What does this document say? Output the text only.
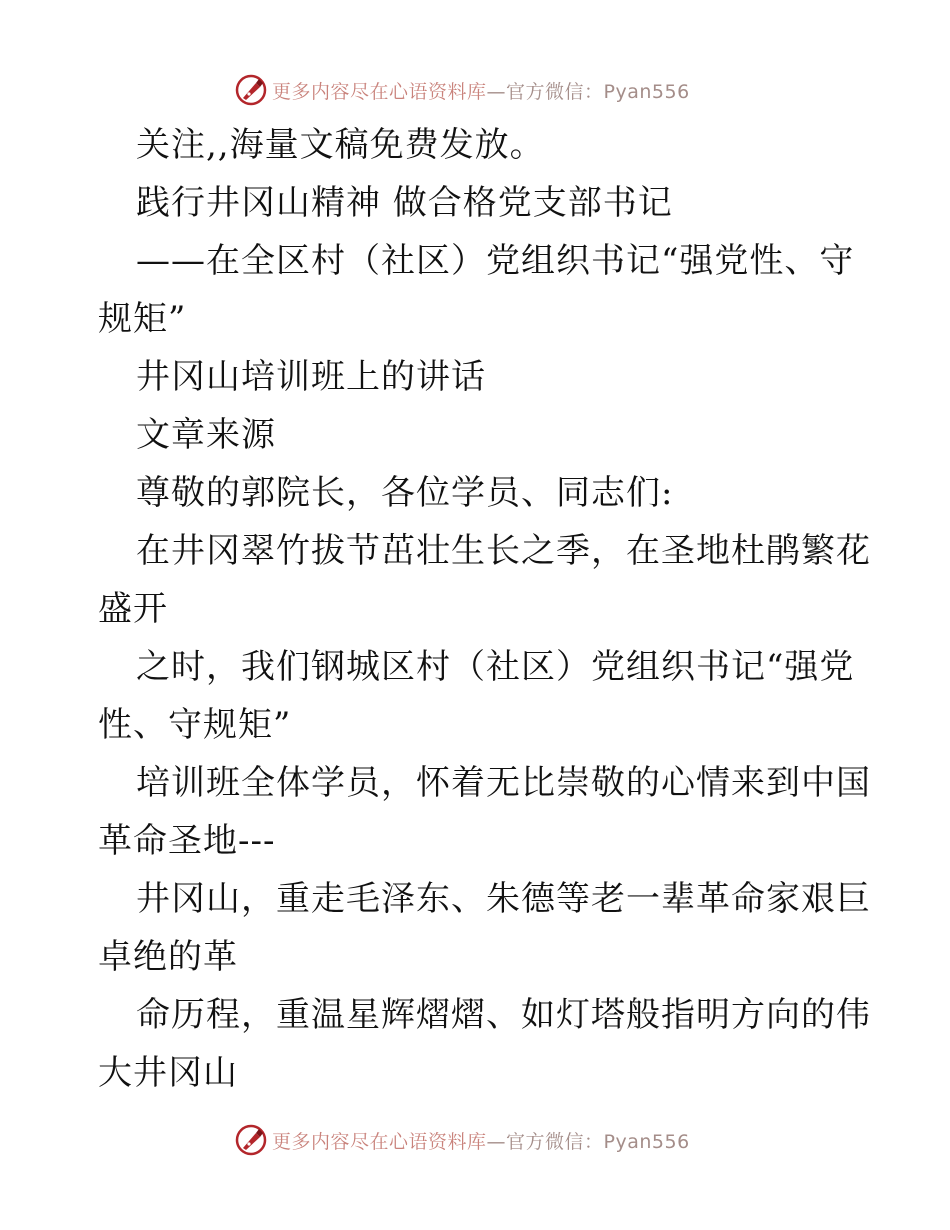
更多内容尽在心语资料库 —官方微信：Pyan556
关注,,海量文稿免费发放。
践行井冈山精神 做合格党支部书记
——在全区村（社区）党组织书记“强党性、守
规矩”
井冈山培训班上的讲话
文章来源
尊敬的郭院长，各位学员、同志们:
在井冈翠竹拔节茁壮生长之季，在圣地杜鹃繁花
盛开
之时，我们钢城区村（社区）党组织书记“强党
性、守规矩”
培训班全体学员，怀着无比崇敬的心情来到中国
革命圣地---
井冈山，重走毛泽东、朱德等老一辈革命家艰巨
卓绝的革
命历程，重温星辉熠熠、如灯塔般指明方向的伟
大井冈山
更多内容尽在心语资料库 —官方微信：Pyan556
